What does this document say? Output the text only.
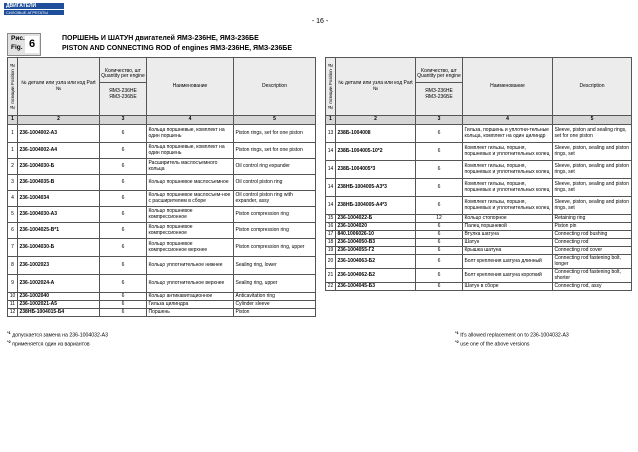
ДВИГАТЕЛИ
СИЛОВЫЕ АГРЕГАТЫ
- 16 -
Рис.
Fig. 6	ПОРШЕНЬ И ШАТУН двигателей ЯМЗ-236НЕ, ЯМЗ-236БЕ
PISTON AND CONNECTING ROD of engines ЯМЗ-236НЕ, ЯМЗ-236БЕ
№ позиции Position №	№ детали или узла или код Part №	Количество, шт Quantity per engine
ЯМЗ-236НЕ ЯМЗ-236БЕ	Наименование	Description
1	2	3	4	5
1	236-1004002-А3	6	Кольца поршневые, комплект на один поршень	Piston rings, set for one piston
1	236-1004002-А4	6	Кольца поршневые, комплект на один поршень	Piston rings, set for one piston
2	236-1004030-Б	6	Расширитель маслосъемного кольца	Oil control ring expander
3	236-1004035-В	6	Кольцо поршневое маслосъемное	Oil control piston ring
4	236-1004034	6	Кольцо поршневое маслосъем-ное с расширителем в сборе	Oil control piston ring with expander, assy
5	236-1004030-А3	6	Кольцо поршневое компрессионное	Piston compression ring
6	236-1004025-В*1	6	Кольцо поршневое компрессионное	Piston compression ring
7	236-1004030-Б	6	Кольцо поршневое компрессионное верхнее	Piston compression ring, upper
8	236-1002023	6	Кольцо уплотнительное нижнее	Sealing ring, lower
9	236-1002024-А	6	Кольцо уплотнительное верхнее	Sealing ring, upper
10	236-1002040	6	Кольцо антикавитационное	Anticavitation ring
11	236-1002021-А5	6	Гильза цилиндра	Cylinder sleeve
12	238НБ-1004015-Б4	6	Поршень	Piston
№ позиции Position №	№ детали или узла или код Part №	Количество, шт Quantity per engine
ЯМЗ-236НЕ ЯМЗ-236БЕ	Наименование	Description
1	2	3	4	5
13	238Б-1004008	6	Гильза, поршень и уплотни-тельные кольца, комплект на один цилиндр	Sleeve, piston and sealing rings, set for one piston
14	238Б-1004005-10*2	6	Комплект гильзы, поршня, поршневых и уплотнительных колец	Sleeve, piston, sealing and piston rings, set
14	238Б-1004005*3	6	Комплект гильзы, поршня, поршневых и уплотнительных колец	Sleeve, piston, sealing and piston rings, set
14	238НБ-1004005-А3*3	6	Комплект гильзы, поршня, поршневых и уплотнительных колец	Sleeve, piston, sealing and piston rings, set
14	238НБ-1004005-А4*3	6	Комплект гильзы, поршня, поршневых и уплотнительных колец	Sleeve, piston, sealing and piston rings, set
15	236-1004022-Б	12	Кольцо стопорное	Retaining ring
16	236-1004020	6	Палец поршневой	Piston pin
17	840.1006026-10	6	Втулка шатуна	Connecting rod bushing
18	236-1004050-В3	6	Шатун	Connecting rod
19	236-1004055-Г2	6	Крышка шатуна	Connecting rod cover
20	236-1004063-Б2	6	Болт крепления шатуна длинный	Connecting rod fastening bolt, longer
21	236-1004062-Б2	6	Болт крепления шатуна короткий	Connecting rod fastening bolt, shorter
22	236-1004045-Б3	6	Шатун в сборе	Connecting rod, assy
$^{*1}$ допускается замена на 236-1004032-А3
$^{*2}$ применяется один из вариантов
$^{*1}$ It's allowed replacement on to 236-1004032-А3
$^{*2}$ use one of the above versions
